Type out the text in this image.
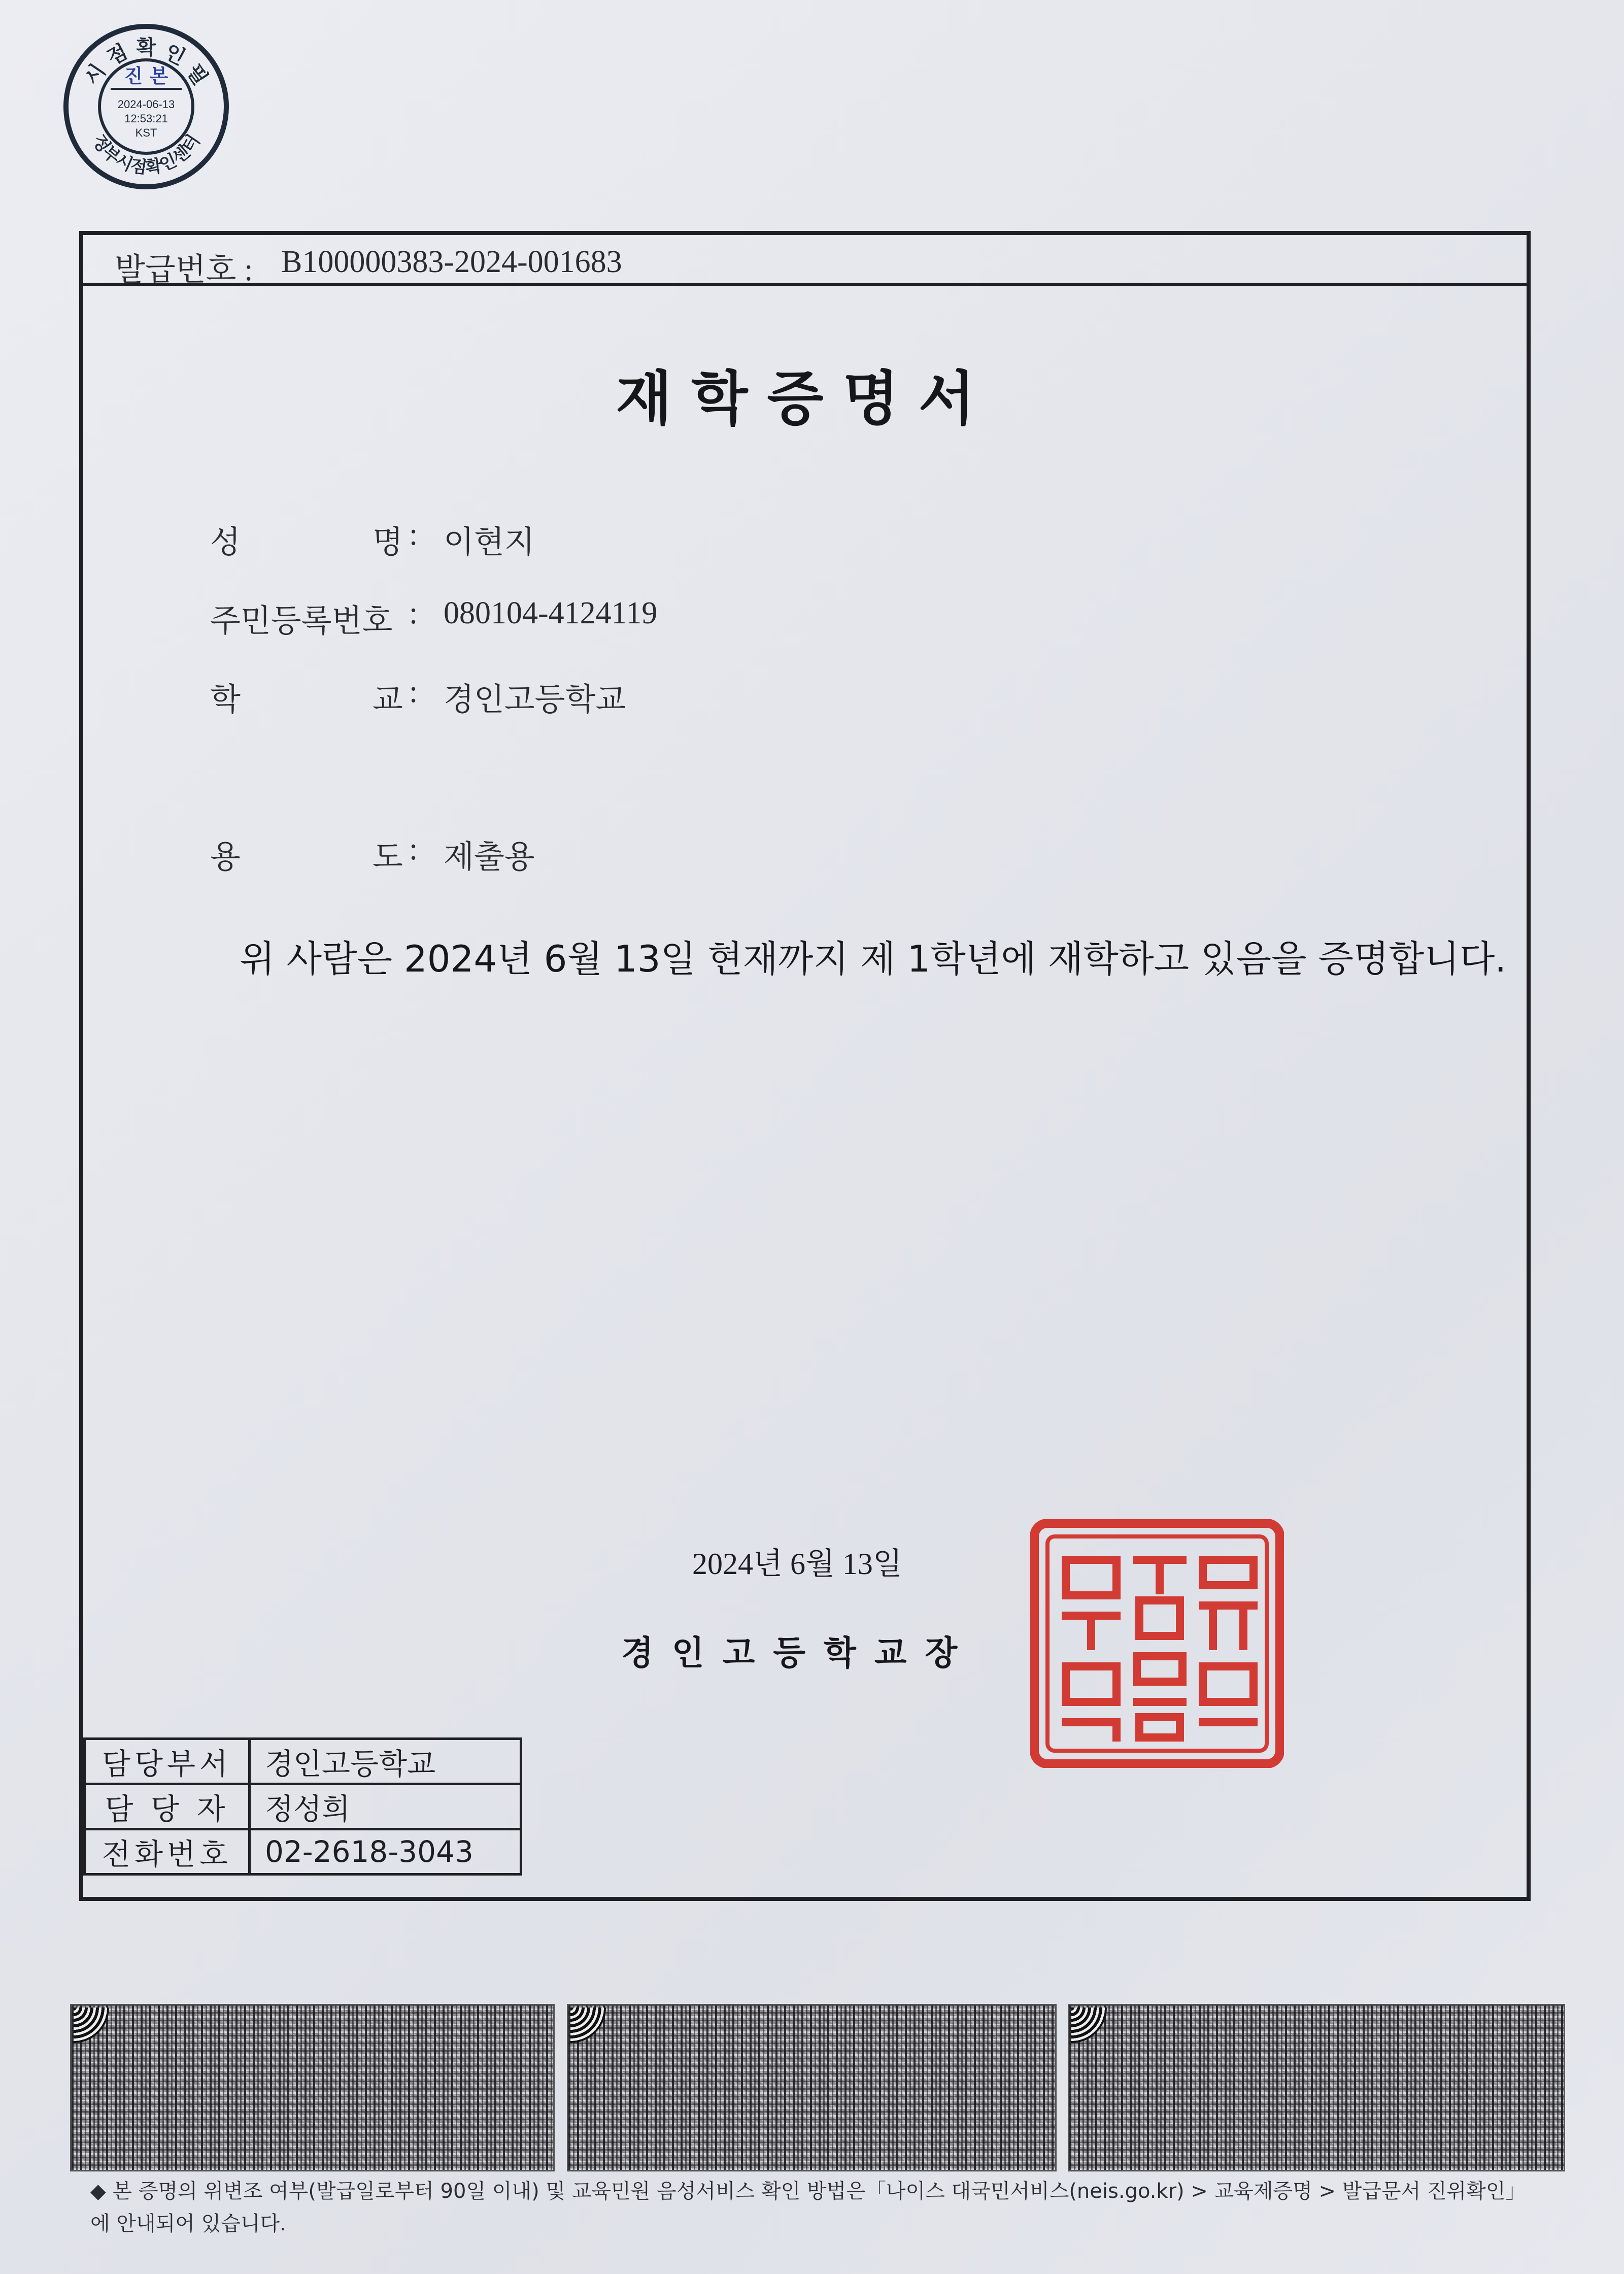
시 점 확 인 필
정부시점확인센터
진 본
2024-06-13
12:53:21
KST
발급번호 : B100000383-2024-001683
재학증명서
성	명 : 이현지
주민등록번호 : 080104-4124119
학	교 : 경인고등학교
용	도 : 제출용
위 사람은 2024년 6월 13일 현재까지 제 1학년에 재학하고 있음을 증명합니다.
2024년 6월 13일
경인고등학교장
담당부서	경인고등학교
담 당 자	정성희
전화번호	02-2618-3043
◆ 본 증명의 위변조 여부(발급일로부터 90일 이내) 및 교육민원 음성서비스 확인 방법은「나이스 대국민서비스(neis.go.kr) > 교육제증명 > 발급문서 진위확인」에 안내되어 있습니다.
